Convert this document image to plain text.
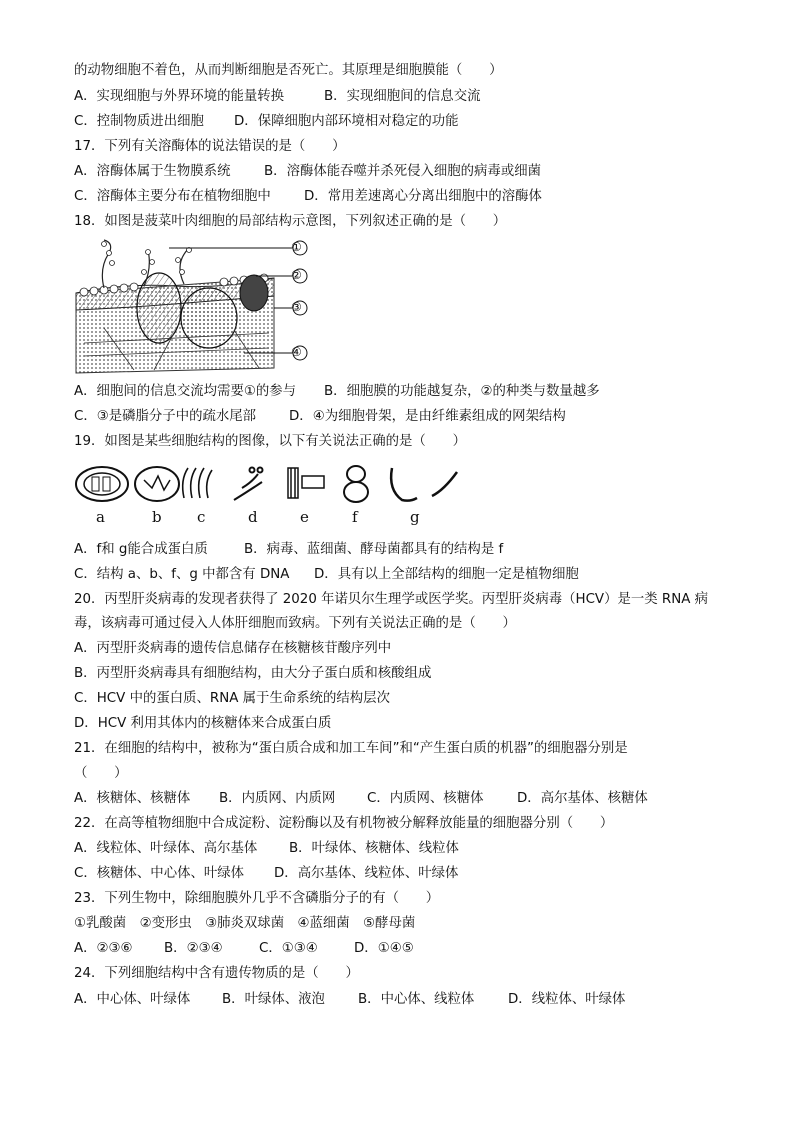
的动物细胞不着色，从而判断细胞是否死亡。其原理是细胞膜能（　　）
A．实现细胞与外界环境的能量转换	B．实现细胞间的信息交流
C．控制物质进出细胞 D．保障细胞内部环境相对稳定的功能
17．下列有关溶酶体的说法错误的是（　　）
A．溶酶体属于生物膜系统	B．溶酶体能吞噬并杀死侵入细胞的病毒或细菌
C．溶酶体主要分布在植物细胞中 D．常用差速离心分离出细胞中的溶酶体
18．如图是菠菜叶肉细胞的局部结构示意图，下列叙述正确的是（　　）
①
②
③
④
A．细胞间的信息交流均需要①的参与 B．细胞膜的功能越复杂，②的种类与数量越多
C．③是磷脂分子中的疏水尾部 D．④为细胞骨架，是由纤维素组成的网架结构
19．如图是某些细胞结构的图像，以下有关说法正确的是（　　）
a	b c	d	e	f	g
A．f和 g能合成蛋白质	B．病毒、蓝细菌、酵母菌都具有的结构是 f
C．结构 a、b、f、g 中都含有 DNA D．具有以上全部结构的细胞一定是植物细胞
20．丙型肝炎病毒的发现者获得了 2020 年诺贝尔生理学或医学奖。丙型肝炎病毒（HCV）是一类 RNA 病
毒，该病毒可通过侵入人体肝细胞而致病。下列有关说法正确的是（　　）
A．丙型肝炎病毒的遗传信息储存在核糖核苷酸序列中
B．丙型肝炎病毒具有细胞结构，由大分子蛋白质和核酸组成
C．HCV 中的蛋白质、RNA 属于生命系统的结构层次
D．HCV 利用其体内的核糖体来合成蛋白质
21．在细胞的结构中，被称为“蛋白质合成和加工车间”和“产生蛋白质的机器”的细胞器分别是
（　　）
A．核糖体、核糖体 B．内质网、内质网 C．内质网、核糖体	D．高尔基体、核糖体
22．在高等植物细胞中合成淀粉、淀粉酶以及有机物被分解释放能量的细胞器分别（　　）
A．线粒体、叶绿体、高尔基体 B．叶绿体、核糖体、线粒体
C．核糖体、中心体、叶绿体 D．高尔基体、线粒体、叶绿体
23．下列生物中，除细胞膜外几乎不含磷脂分子的有（　　）
①乳酸菌　②变形虫　③肺炎双球菌　④蓝细菌　⑤酵母菌
A．②③⑥ B．②③④	C．①③④	D．①④⑤
24．下列细胞结构中含有遗传物质的是（　　）
A．中心体、叶绿体 B．叶绿体、液泡 B．中心体、线粒体	D．线粒体、叶绿体
